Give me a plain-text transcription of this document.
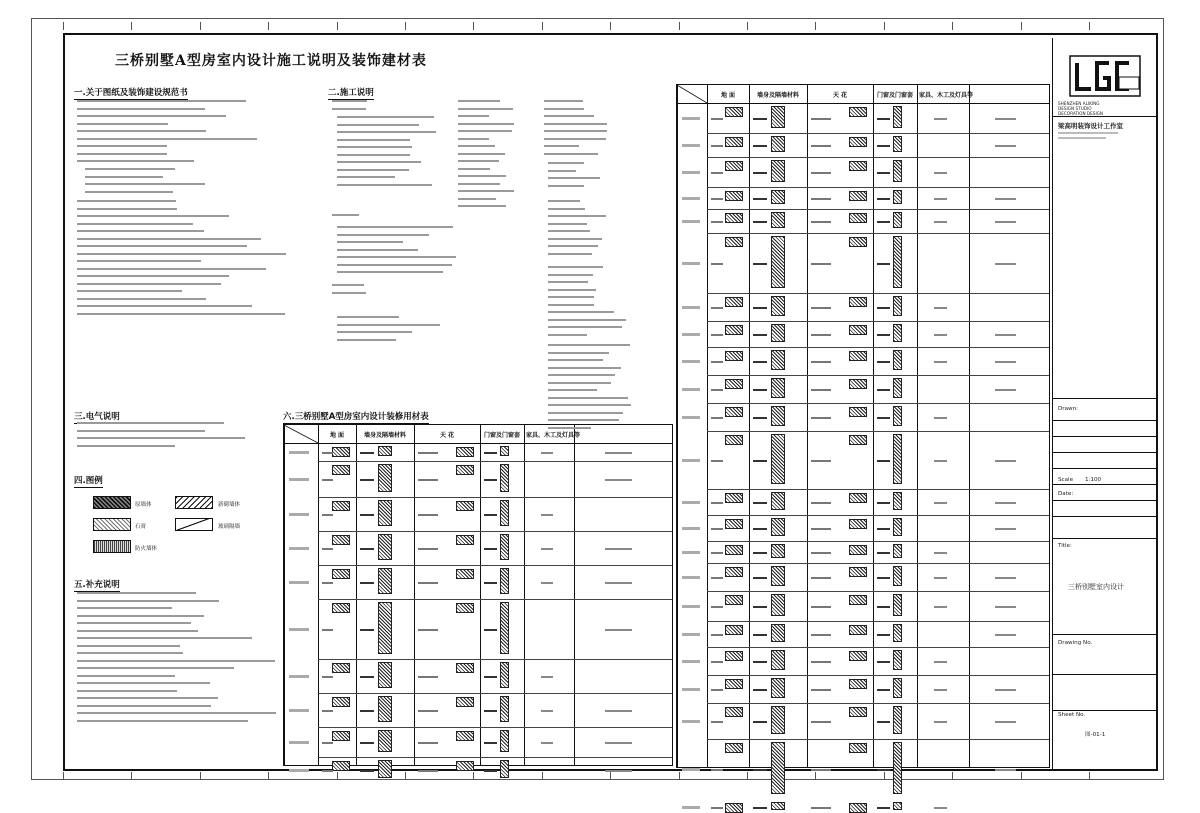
三桥别墅A型房室内设计施工说明及装饰建材表
一.关于图纸及装饰建设规范书	二.施工说明
三.电气说明
四.图例
原墙体	新砌墙体
石膏	玻璃隔墙
防火墙体
五.补充说明
六.三桥别墅A型房室内设计装修用材表
地 面	墙身及隔墙材料	天 花	门窗及门窗套	家具、木工及灯具等
地 面	墙身及隔墙材料	天 花	门窗及门窗套	家具、木工及灯具等
SHENZHEN ALIKING
DESIGN STUDIO
DECORATION DESIGN
梁高明装饰设计工作室
Drawn:
Scale 1:100
Date:
Title:
三桥别墅室内设计
Drawing No.
Sheet No.
图-01-1
